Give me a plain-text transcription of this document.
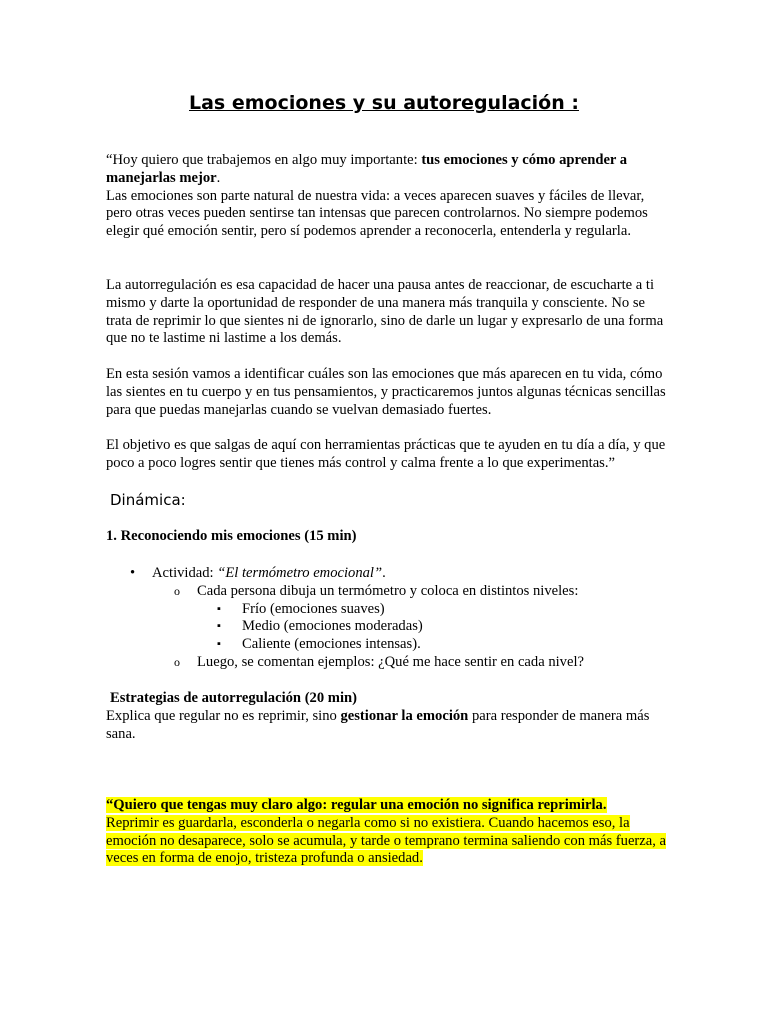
Las emociones y su autoregulación :

“Hoy quiero que trabajemos en algo muy importante: tus emociones y cómo aprender a manejarlas mejor.

Las emociones son parte natural de nuestra vida: a veces aparecen suaves y fáciles de llevar, pero otras veces pueden sentirse tan intensas que parecen controlarnos. No siempre podemos elegir qué emoción sentir, pero sí podemos aprender a reconocerla, entenderla y regularla.

La autorregulación es esa capacidad de hacer una pausa antes de reaccionar, de escucharte a ti mismo y darte la oportunidad de responder de una manera más tranquila y consciente. No se trata de reprimir lo que sientes ni de ignorarlo, sino de darle un lugar y expresarlo de una forma que no te lastime ni lastime a los demás.
En esta sesión vamos a identificar cuáles son las emociones que más aparecen en tu vida, cómo las sientes en tu cuerpo y en tus pensamientos, y practicaremos juntos algunas técnicas sencillas para que puedas manejarlas cuando se vuelvan demasiado fuertes.
El objetivo es que salgas de aquí con herramientas prácticas que te ayuden en tu día a día, y que poco a poco logres sentir que tienes más control y calma frente a lo que experimentas.”
Dinámica:
1. Reconociendo mis emociones (15 min)
• Actividad: “El termómetro emocional”.
o Cada persona dibuja un termómetro y coloca en distintos niveles:
▪ Frío (emociones suaves)
▪ Medio (emociones moderadas)
▪ Caliente (emociones intensas).
o Luego, se comentan ejemplos: ¿Qué me hace sentir en cada nivel?
Estrategias de autorregulación (20 min)
Explica que regular no es reprimir, sino gestionar la emoción para responder de manera más sana.

“Quiero que tengas muy claro algo: regular una emoción no significa reprimirla.

Reprimir es guardarla, esconderla o negarla como si no existiera. Cuando hacemos eso, la emoción no desaparece, solo se acumula, y tarde o temprano termina saliendo con más fuerza, a veces en forma de enojo, tristeza profunda o ansiedad.
